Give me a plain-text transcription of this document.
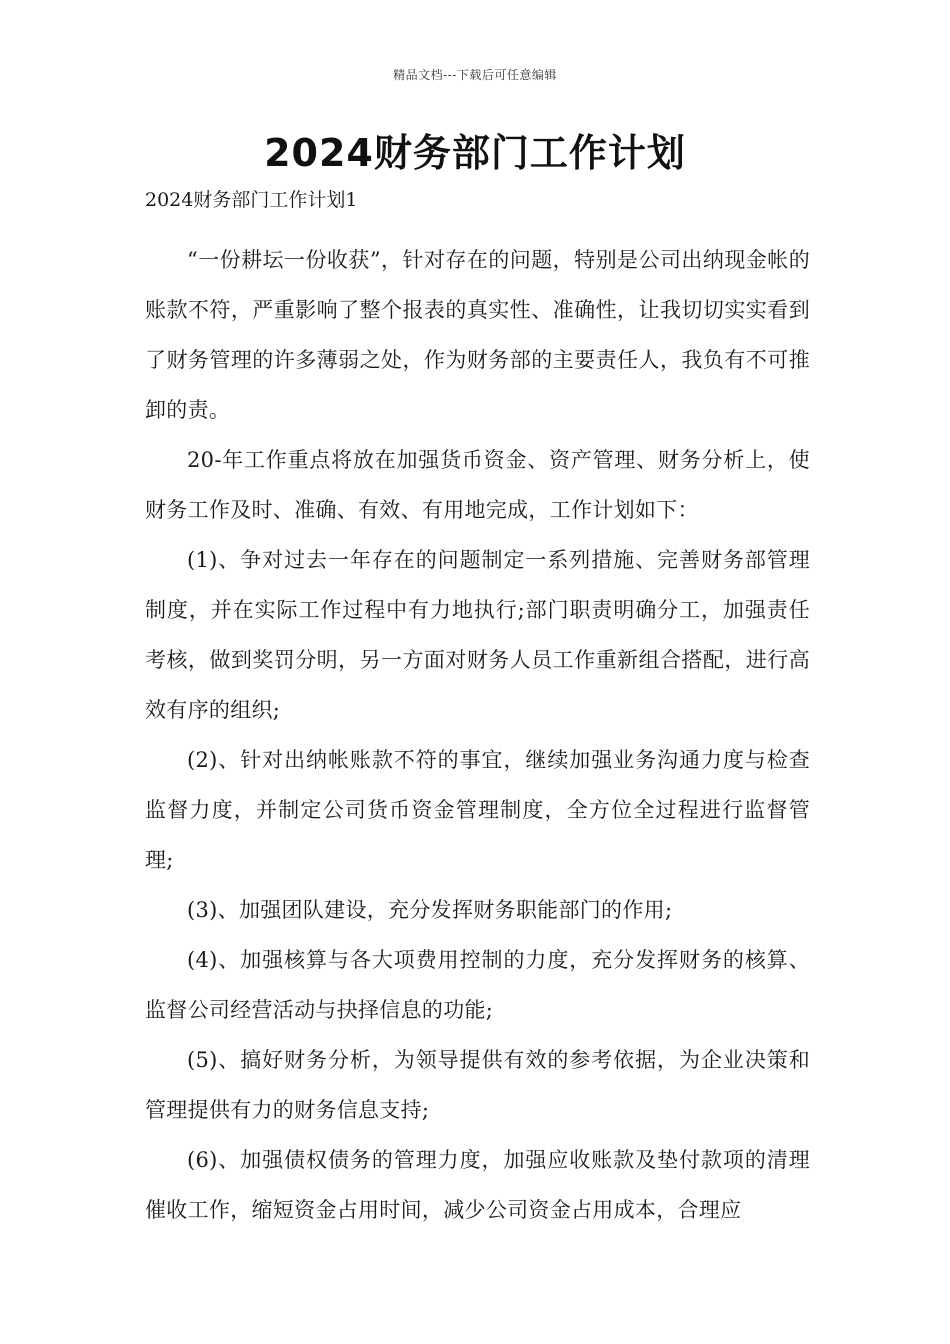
精品文档---下载后可任意编辑
2024财务部门工作计划
2024财务部门工作计划1

“一份耕坛一份收获”，针对存在的问题，特别是公司出纳现金帐的账款不符，严重影响了整个报表的真实性、准确性，让我切切实实看到了财务管理的许多薄弱之处，作为财务部的主要责任人，我负有不可推卸的责。

20-年工作重点将放在加强货币资金、资产管理、财务分析上，使财务工作及时、准确、有效、有用地完成，工作计划如下：

(1)、争对过去一年存在的问题制定一系列措施、完善财务部管理制度，并在实际工作过程中有力地执行;部门职责明确分工，加强责任考核，做到奖罚分明，另一方面对财务人员工作重新组合搭配，进行高效有序的组织;

(2)、针对出纳帐账款不符的事宜，继续加强业务沟通力度与检查监督力度，并制定公司货币资金管理制度，全方位全过程进行监督管理;

(3)、加强团队建设，充分发挥财务职能部门的作用;

(4)、加强核算与各大项费用控制的力度，充分发挥财务的核算、监督公司经营活动与抉择信息的功能;

(5)、搞好财务分析，为领导提供有效的参考依据，为企业决策和管理提供有力的财务信息支持;

(6)、加强债权债务的管理力度，加强应收账款及垫付款项的清理催收工作，缩短资金占用时间，减少公司资金占用成本，合理应
